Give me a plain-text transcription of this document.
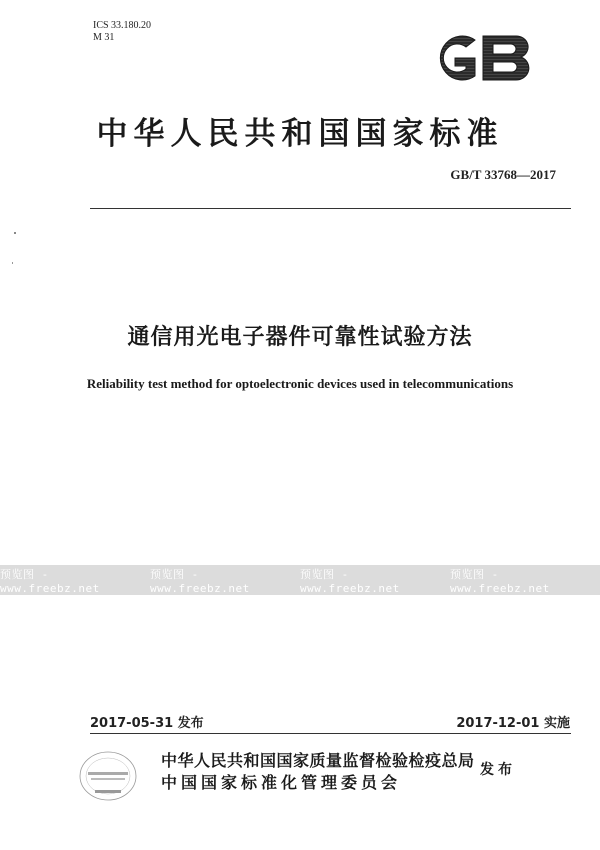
ICS 33.180.20
M 31
中华人民共和国国家标准
GB/T 33768—2017
通信用光电子器件可靠性试验方法
Reliability test method for optoelectronic devices used in telecommunications
预览图 - www.freebz.net
预览图 - www.freebz.net
预览图 - www.freebz.net
预览图 - www.freebz.net
2017-05-31 发布	2017-12-01 实施
中华人民共和国国家质量监督检验检疫总局
中国国家标准化管理委员会
发布
